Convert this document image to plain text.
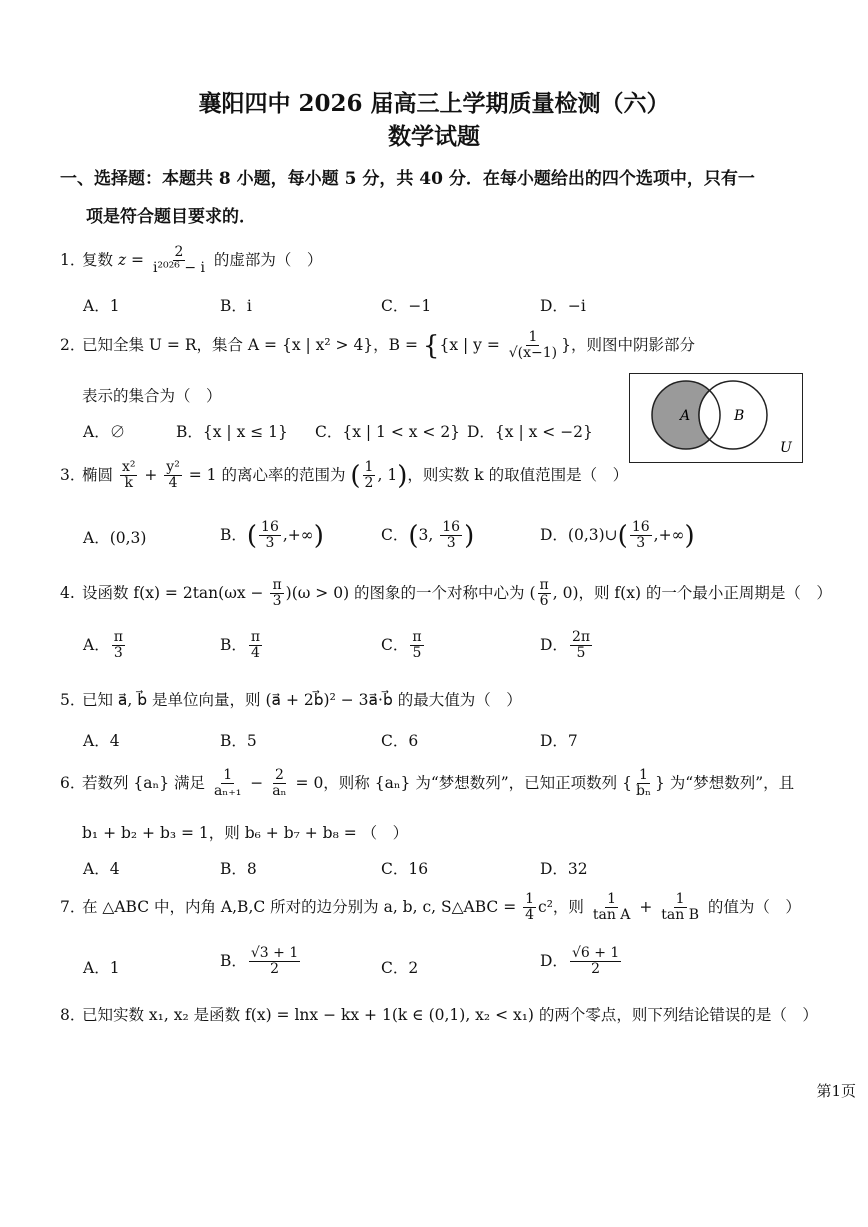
襄阳四中 2026 届高三上学期质量检测（六）
数学试题
一、选择题：本题共 8 小题，每小题 5 分，共 40 分．在每小题给出的四个选项中，只有一
项是符合题目要求的．
1．复数 $z = \frac{2}{\text{i²⁰²⁶ − i}}$ 的虚部为（　）
A．1	B．i	C．−1	D．−i
2．已知全集 U = R，集合 A = {x | x² > 4}，B = {{x | $y = \frac{1}{√(x-1)}$ }，则图中阴影部分
表示的集合为（　）
A．∅	B．{x | x ≤ 1} C．{x | 1 < x < 2} D．{x | x < −2}
A	B
U
3．椭圆 $\frac{\text{x²}}{k} + \frac{\text{y²}}{4} = 1$ 的离心率的范围为 ( $\frac{1}{2}$ , 1)，则实数 k 的取值范围是（　）
A．(0,3)	B．( $\frac{16}{3}$ ,+∞)	C．(3, $\frac{16}{3}$ )	D．(0,3)∪( $\frac{16}{3}$ ,+∞)
4. 设函数 $f(x) = 2\tan(\omega x - \frac{\pi}{3} )(\omega > 0)$ 的图象的一个对称中心为 ( $\frac{\pi}{6}$ , 0)，则 f(x) 的一个最小正周期是（　）
A． $\frac{\pi}{3}$	B． $\frac{\pi}{4}$	C． $\frac{\pi}{5}$	D． $\frac{2\pi}{5}$
5．已知 a⃗, b⃗ 是单位向量，则 (a⃗ + 2b⃗)² − 3a⃗·b⃗ 的最大值为（　）
A．4	B．5	C．6	D．7
6．若数列 {aₙ} 满足 $\frac{1}{\text{aₙ₊₁}} - \frac{2}{\text{aₙ}} = 0$，则称 {aₙ} 为“梦想数列”，已知正项数列 { $\frac{1}{\text{bₙ}}$ } 为“梦想数列”，且
b₁ + b₂ + b₃ = 1，则 b₆ + b₇ + b₈ = （　）
A．4	B．8	C．16	D．32
7．在 △ABC 中，内角 A,B,C 所对的边分别为 a, b, c, S△ABC = $\frac{1}{4} c^2$，则 $\frac{1}{\text{tan A}} + \frac{1}{\text{tan B}}$ 的值为（　）
A．1	B． $\frac{√3 + 1}{2}$	C．2	D． $\frac{√6 + 1}{2}$
8．已知实数 x₁, x₂ 是函数 f(x) = lnx − kx + 1(k ∈ (0,1), x₂ < x₁) 的两个零点，则下列结论错误的是（　）
第1页
